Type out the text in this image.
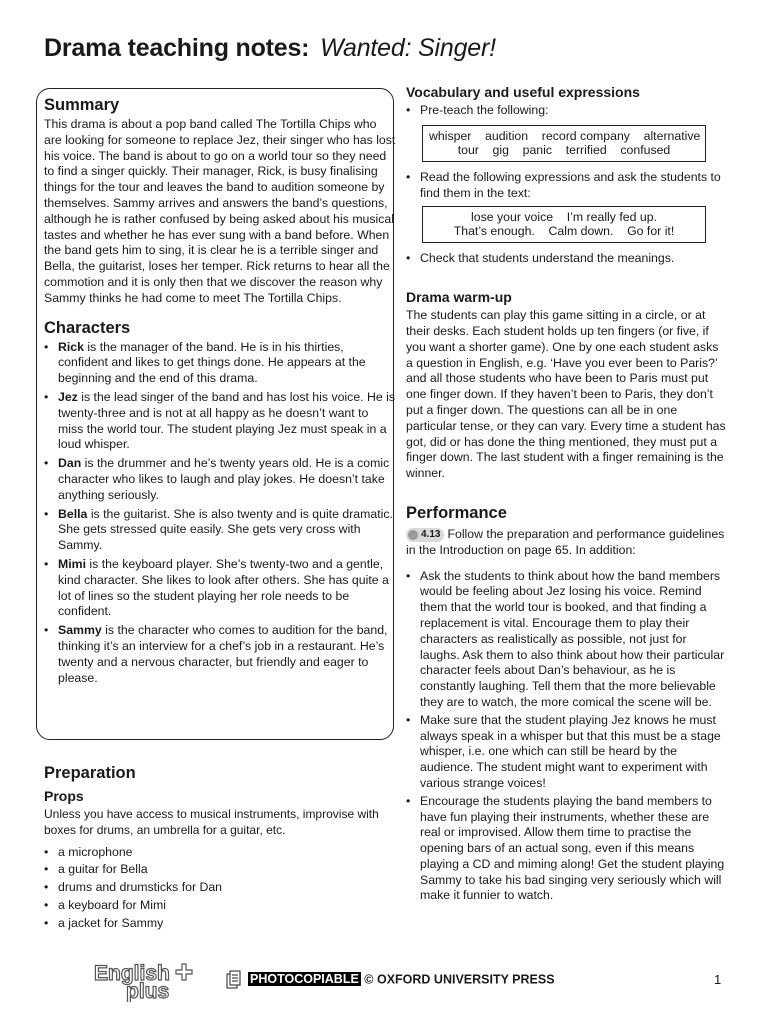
Drama teaching notes: Wanted: Singer!
Summary

This drama is about a pop band called The Tortilla Chips who are looking for someone to replace Jez, their singer who has lost his voice. The band is about to go on a world tour so they need to find a singer quickly. Their manager, Rick, is busy finalising things for the tour and leaves the band to audition someone by themselves. Sammy arrives and answers the band’s questions, although he is rather confused by being asked about his musical tastes and whether he has ever sung with a band before. When the band gets him to sing, it is clear he is a terrible singer and Bella, the guitarist, loses her temper. Rick returns to hear all the commotion and it is only then that we discover the reason why Sammy thinks he had come to meet The Tortilla Chips.

Characters
• Rick is the manager of the band. He is in his thirties, confident and likes to get things done. He appears at the beginning and the end of this drama.
• Jez is the lead singer of the band and has lost his voice. He is twenty-three and is not at all happy as he doesn’t want to miss the world tour. The student playing Jez must speak in a loud whisper.
• Dan is the drummer and he’s twenty years old. He is a comic character who likes to laugh and play jokes. He doesn’t take anything seriously.
• Bella is the guitarist. She is also twenty and is quite dramatic. She gets stressed quite easily. She gets very cross with Sammy.
• Mimi is the keyboard player. She’s twenty-two and a gentle, kind character. She likes to look after others. She has quite a lot of lines so the student playing her role needs to be confident.
• Sammy is the character who comes to audition for the band, thinking it’s an interview for a chef’s job in a restaurant. He’s twenty and a nervous character, but friendly and eager to please.
Preparation
Props

Unless you have access to musical instruments, improvise with boxes for drums, an umbrella for a guitar, etc.

• a microphone
• a guitar for Bella
• drums and drumsticks for Dan
• a keyboard for Mimi
• a jacket for Sammy
Vocabulary and useful expressions
• Pre-teach the following:
whisper    audition    record company    alternative
tour    gig    panic    terrified    confused
• Read the following expressions and ask the students to find them in the text:
lose your voice    I’m really fed up.
That’s enough.    Calm down.    Go for it!
• Check that students understand the meanings.
Drama warm-up

The students can play this game sitting in a circle, or at their desks. Each student holds up ten fingers (or five, if you want a shorter game). One by one each student asks a question in English, e.g. ‘Have you ever been to Paris?’ and all those students who have been to Paris must put one finger down. If they haven’t been to Paris, they don’t put a finger down. The questions can all be in one particular tense, or they can vary. Every time a student has got, did or has done the thing mentioned, they must put a finger down. The last student with a finger remaining is the winner.

Performance

4.13 Follow the preparation and performance guidelines in the Introduction on page 65. In addition:

• Ask the students to think about how the band members would be feeling about Jez losing his voice. Remind them that the world tour is booked, and that finding a replacement is vital. Encourage them to play their characters as realistically as possible, not just for laughs. Ask them to also think about how their particular character feels about Dan’s behaviour, as he is constantly laughing. Tell them that the more believable they are to watch, the more comical the scene will be.
• Make sure that the student playing Jez knows he must always speak in a whisper but that this must be a stage whisper, i.e. one which can still be heard by the audience. The student might want to experiment with various strange voices!
• Encourage the students playing the band members to have fun playing their instruments, whether these are real or improvised. Allow them time to practise the opening bars of an actual song, even if this means playing a CD and miming along! Get the student playing Sammy to take his bad singing very seriously which will make it funnier to watch.
English
plus
PHOTOCOPIABLE © OXFORD UNIVERSITY PRESS	1
